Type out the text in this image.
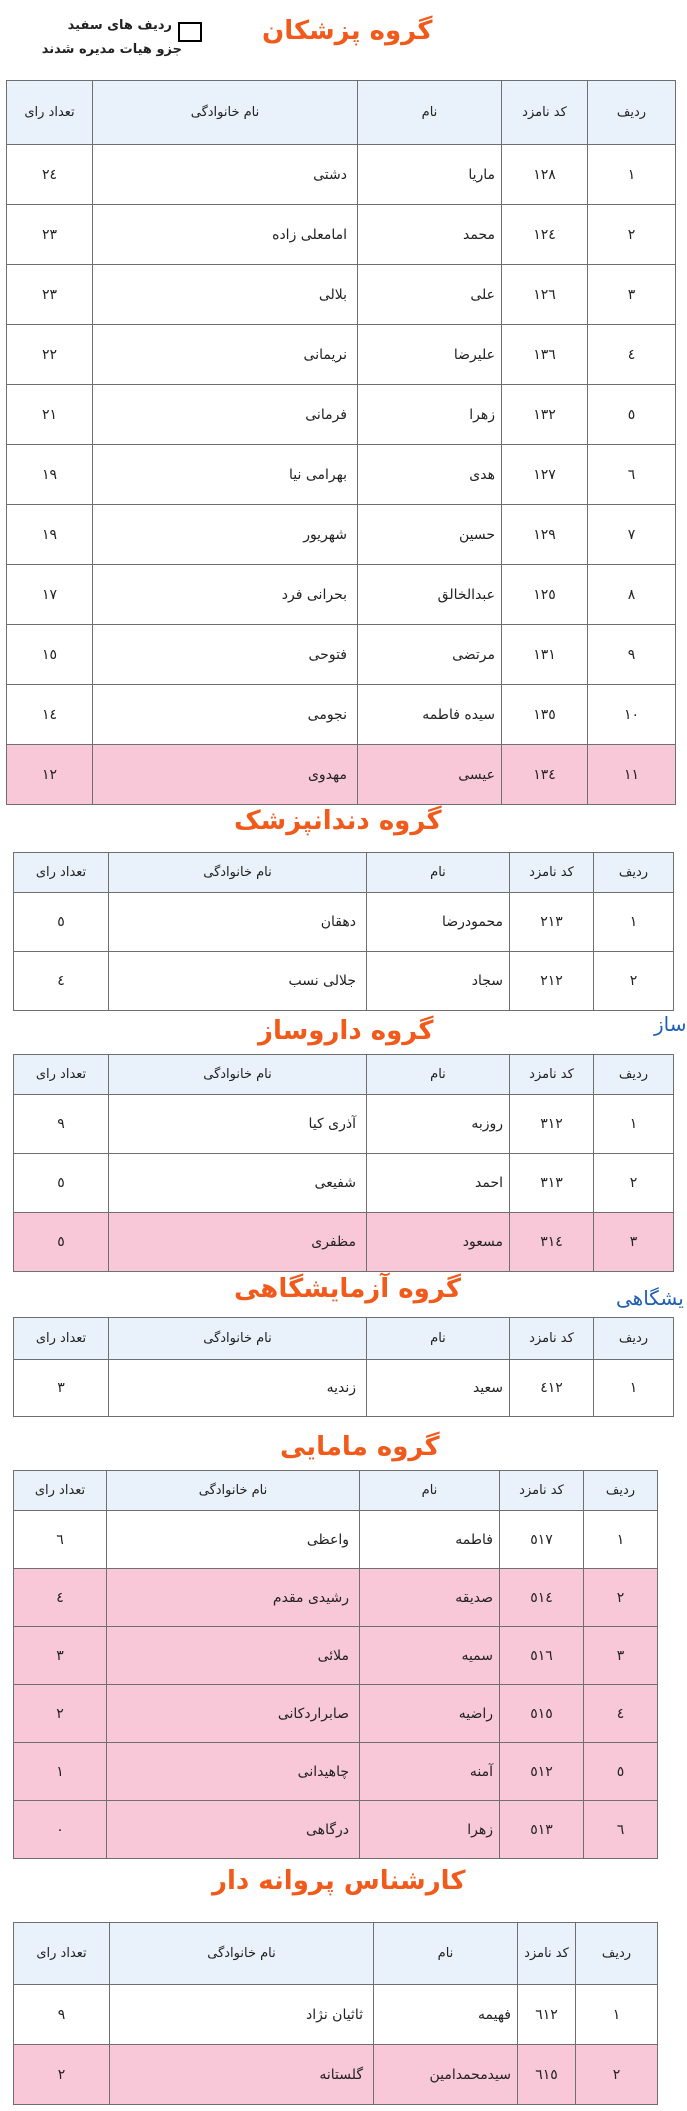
ردیف های سفید
جزو هیات مدیره شدند
گروه پزشکان
گروه دندانپزشک
گروه داروساز
گروه آزمایشگاهی
گروه مامایی
کارشناس پروانه دار
ساز
یشگاهی
ردیف	کد نامزد	نام	نام خانوادگی	تعداد رای
۱	۱۲۸	ماریا	دشتی	۲٤
۲	۱۲٤	محمد	امامعلی زاده	۲۳
۳	۱۲٦	علی	بلالی	۲۳
٤	۱۳٦	علیرضا	نریمانی	۲۲
٥	۱۳۲	زهرا	فرمانی	۲۱
٦	۱۲۷	هدی	بهرامی نیا	۱۹
۷	۱۲۹	حسین	شهریور	۱۹
۸	۱۲٥	عبدالخالق	بحرانی فرد	۱۷
۹	۱۳۱	مرتضی	فتوحی	۱٥
۱۰	۱۳٥	سیده فاطمه	نجومی	۱٤
۱۱	۱۳٤	عیسی	مهدوی	۱۲
ردیف	کد نامزد	نام	نام خانوادگی	تعداد رای
۱	۲۱۳	محمودرضا	دهقان	٥
۲	۲۱۲	سجاد	جلالی نسب	٤
ردیف	کد نامزد	نام	نام خانوادگی	تعداد رای
۱	۳۱۲	روزبه	آذری کیا	۹
۲	۳۱۳	احمد	شفیعی	٥
۳	۳۱٤	مسعود	مظفری	٥
ردیف	کد نامزد	نام	نام خانوادگی	تعداد رای
۱	٤۱۲	سعید	زندیه	۳
ردیف	کد نامزد	نام	نام خانوادگی	تعداد رای
۱	٥۱۷	فاطمه	واعظی	٦
۲	٥۱٤	صدیقه	رشیدی مقدم	٤
۳	٥۱٦	سمیه	ملائی	۳
٤	٥۱٥	راضیه	صابراردکانی	۲
٥	٥۱۲	آمنه	چاهیدانی	۱
٦	٥۱۳	زهرا	درگاهی	۰
ردیف	کد نامزد	نام	نام خانوادگی	تعداد رای
۱	٦۱۲	فهیمه	ثاثیان نژاد	۹
۲	٦۱٥	سیدمحمدامین	گلستانه	۲
